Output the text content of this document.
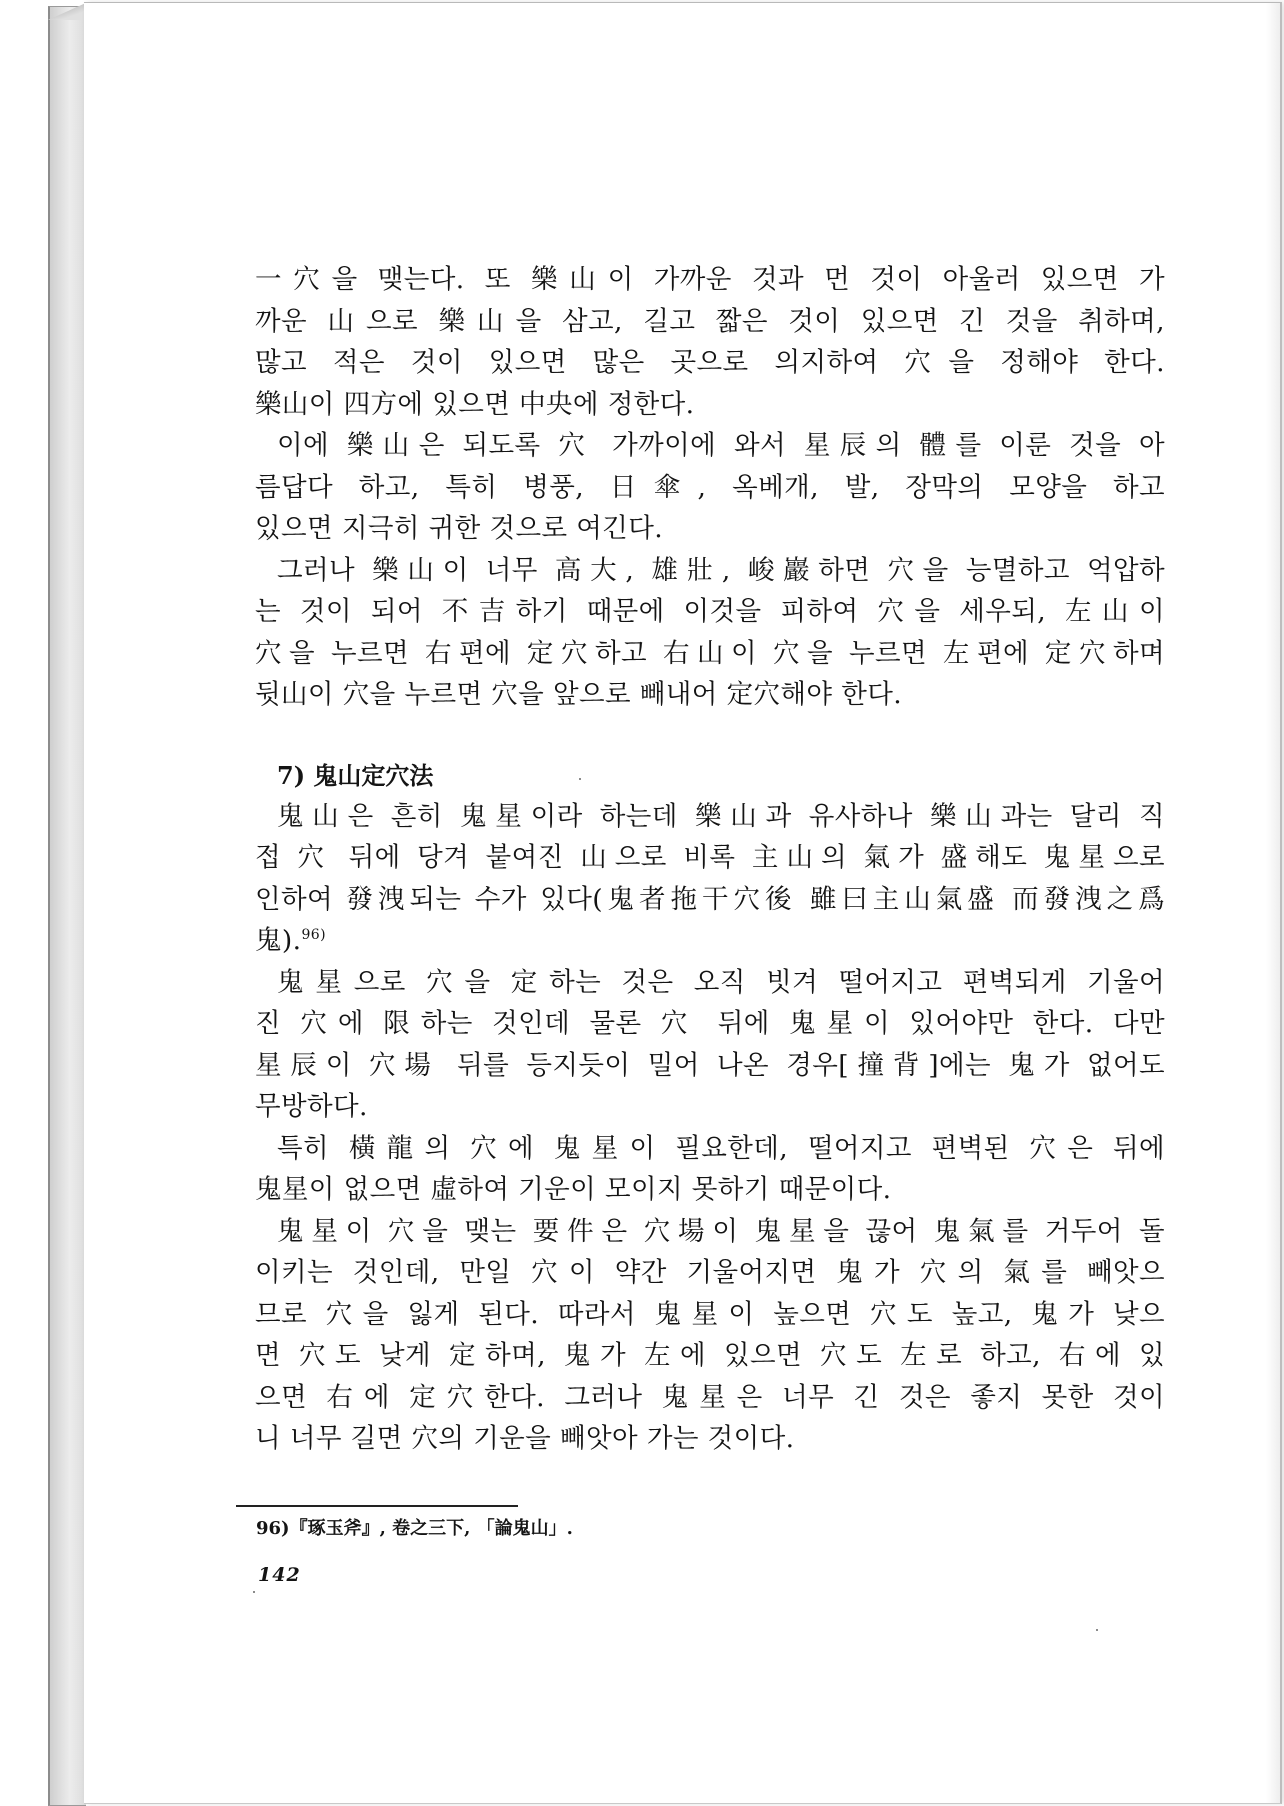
一穴을 맺는다. 또 樂山이 가까운 것과 먼 것이 아울러 있으면 가
까운 山으로 樂山을 삼고, 길고 짧은 것이 있으면 긴 것을 취하며,
많고 적은 것이 있으면 많은 곳으로 의지하여 穴을 정해야 한다.
樂山이 四方에 있으면 中央에 정한다.
이에 樂山은 되도록 穴 가까이에 와서 星辰의 體를 이룬 것을 아
름답다 하고, 특히 병풍, 日傘, 옥베개, 발, 장막의 모양을 하고
있으면 지극히 귀한 것으로 여긴다.
그러나 樂山이 너무 高大, 雄壯, 峻巖하면 穴을 능멸하고 억압하
는 것이 되어 不吉하기 때문에 이것을 피하여 穴을 세우되, 左山이
穴을 누르면 右편에 定穴하고 右山이 穴을 누르면 左편에 定穴하며
뒷山이 穴을 누르면 穴을 앞으로 빼내어 定穴해야 한다.
7) 鬼山定穴法
鬼山은 흔히 鬼星이라 하는데 樂山과 유사하나 樂山과는 달리 직
접 穴 뒤에 당겨 붙여진 山으로 비록 主山의 氣가 盛해도 鬼星으로
인하여 發洩되는 수가 있다(鬼者拖干穴後 雖曰主山氣盛 而發洩之爲
鬼).$^{96)}$
鬼星으로 穴을 定하는 것은 오직 빗겨 떨어지고 편벽되게 기울어
진 穴에 限하는 것인데 물론 穴 뒤에 鬼星이 있어야만 한다. 다만
星辰이 穴場 뒤를 등지듯이 밀어 나온 경우[撞背]에는 鬼가 없어도
무방하다.
특히 橫龍의 穴에 鬼星이 필요한데, 떨어지고 편벽된 穴은 뒤에
鬼星이 없으면 虛하여 기운이 모이지 못하기 때문이다.
鬼星이 穴을 맺는 要件은 穴場이 鬼星을 끊어 鬼氣를 거두어 돌
이키는 것인데, 만일 穴이 약간 기울어지면 鬼가 穴의 氣를 빼앗으
므로 穴을 잃게 된다. 따라서 鬼星이 높으면 穴도 높고, 鬼가 낮으
면 穴도 낮게 定하며, 鬼가 左에 있으면 穴도 左로 하고, 右에 있
으면 右에 定穴한다. 그러나 鬼星은 너무 긴 것은 좋지 못한 것이
니 너무 길면 穴의 기운을 빼앗아 가는 것이다.
96)『琢玉斧』, 卷之三下, 「論鬼山」.
142
